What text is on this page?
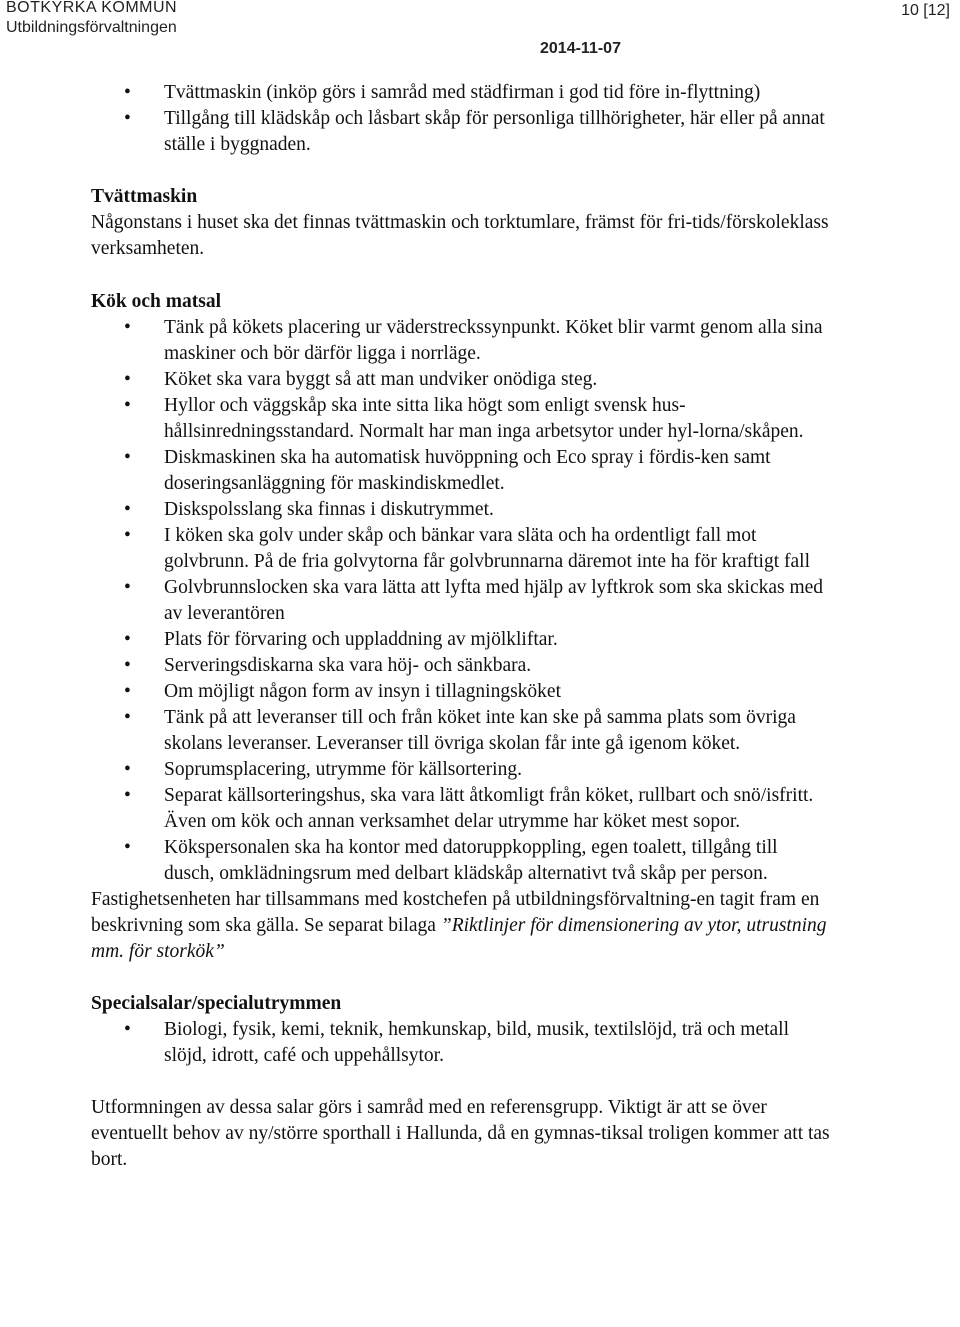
BOTKYRKA KOMMUN
Utbildningsförvaltningen
10 [12]
2014-11-07
• Tvättmaskin (inköp görs i samråd med städfirman i god tid före in-flyttning)
• Tillgång till klädskåp och låsbart skåp för personliga tillhörigheter, här eller på annat ställe i byggnaden.
Tvättmaskin

Någonstans i huset ska det finnas tvättmaskin och torktumlare, främst för fri-tids/förskoleklass verksamheten.

Kök och matsal
• Tänk på kökets placering ur väderstreckssynpunkt. Köket blir varmt genom alla sina maskiner och bör därför ligga i norrläge.
• Köket ska vara byggt så att man undviker onödiga steg.
• Hyllor och väggskåp ska inte sitta lika högt som enligt svensk hus-hållsinredningsstandard. Normalt har man inga arbetsytor under hyl-lorna/skåpen.
• Diskmaskinen ska ha automatisk huvöppning och Eco spray i fördis-ken samt doseringsanläggning för maskindiskmedlet.
• Diskspolsslang ska finnas i diskutrymmet.
• I köken ska golv under skåp och bänkar vara släta och ha ordentligt fall mot golvbrunn. På de fria golvytorna får golvbrunnarna däremot inte ha för kraftigt fall
• Golvbrunnslocken ska vara lätta att lyfta med hjälp av lyftkrok som ska skickas med av leverantören
• Plats för förvaring och uppladdning av mjölkliftar.
• Serveringsdiskarna ska vara höj- och sänkbara.
• Om möjligt någon form av insyn i tillagningsköket
• Tänk på att leveranser till och från köket inte kan ske på samma plats som övriga skolans leveranser. Leveranser till övriga skolan får inte gå igenom köket.
• Soprumsplacering, utrymme för källsortering.
• Separat källsorteringshus, ska vara lätt åtkomligt från köket, rullbart och snö/isfritt. Även om kök och annan verksamhet delar utrymme har köket mest sopor.
• Kökspersonalen ska ha kontor med datoruppkoppling, egen toalett, tillgång till dusch, omklädningsrum med delbart klädskåp alternativt två skåp per person.

Fastighetsenheten har tillsammans med kostchefen på utbildningsförvaltning-en tagit fram en beskrivning som ska gälla. Se separat bilaga ”Riktlinjer för dimensionering av ytor, utrustning mm. för storkök”

Specialsalar/specialutrymmen
• Biologi, fysik, kemi, teknik, hemkunskap, bild, musik, textilslöjd, trä och metall slöjd, idrott, café och uppehållsytor.

Utformningen av dessa salar görs i samråd med en referensgrupp. Viktigt är att se över eventuellt behov av ny/större sporthall i Hallunda, då en gymnas-tiksal troligen kommer att tas bort.
